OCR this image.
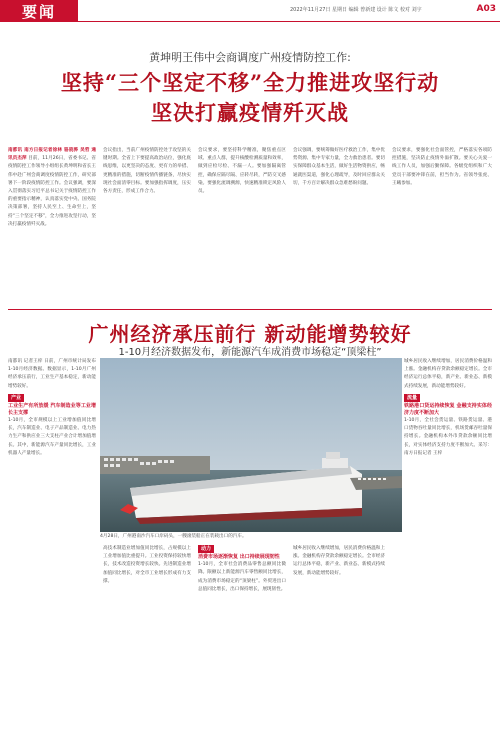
要闻	2022年11月27日 星期日 编辑 曾新建 设计 陈文 校对 刘宇	A03
黄坤明王伟中会商调度广州疫情防控工作:
坚持“三个坚定不移”全力推进攻坚行动
坚决打赢疫情歼灭战
南都讯 南方日报记者徐林 骆骁骅 吴哲 通讯员杰萍 目前，11月26日，省委书记、省疫情防控工作领导小组组长黄坤明和省长王伟中赴广州会商调度疫情防控工作，研究部署下一阶段疫情防控工作。会议强调，要深入贯彻落实习近平总书记关于疫情防控工作的重要指示精神，认真落实党中央、国务院决策部署，坚持人民至上、生命至上，坚持“三个坚定不移”，全力推进攻坚行动，坚决打赢疫情歼灭战。
会议指出，当前广州疫情防控处于攻坚的关键时期。全省上下要提高政治站位，强化底线思维，以更坚决的态度、更有力的举措、更精准的措施，切断疫情传播链条，尽快实现社会面清零目标。要加强指挥调度，压实各方责任，形成工作合力。
会议要求，要坚持科学精准，聚焦重点区域、重点人群，提升核酸检测质量和效率，做到应检尽检、不漏一人。要加强隔离管控，确保应隔尽隔、应转尽转，严防交叉感染。要强化流调溯源，快速精准锁定风险人员。
会议强调，要统筹做好医疗救治工作，集中优势资源、集中专家力量，全力救治患者。要切实保障群众基本生活，做好生活物资供应，畅通就医渠道，强化心理疏导，及时回应群众关切，千方百计解决群众急难愁盼问题。
会议要求，要强化社会面管控，严格落实各项防控措施，坚决防止疫情外溢扩散。要关心关爱一线工作人员，加强后勤保障。各级党组织和广大党员干部要冲锋在前，担当作为。省领导张虎、王曦参加。
广州经济承压前行 新动能增势较好
1-10月经济数据发布，新能源汽车成消费市场稳定“顶梁柱”
南都讯 记者王梓 日前，广州市统计局发布1-10月经济数据。数据显示，1-10月广州经济承压前行，工业生产基本稳定，新动能增势较好。
产业
工业生产有所放缓 汽车制造业等工业增长主支撑
1-10月，全市规模以上工业增加值同比增长，汽车制造业、电子产品制造业、电力热力生产和供应业三大支柱产业合计增加值增长。其中，新能源汽车产量同比增长，工业机器人产量增长。
4月28日，广州港南沙汽车口岸码头，一艘滚装船正在装载出口的汽车。
高技术制造业增加值同比增长，占规模以上工业增加值比重提升。工业投资保持较快增长，技术改造投资增长较快。先进制造业增加值同比增长，对全市工业增长形成有力支撑。
动力
消费市场逐渐恢复 出口持续展现韧性
1-10月，全市社会消费品零售总额同比微降。限额以上新能源汽车零售额同比增长，成为消费市场稳定的“顶梁柱”。外贸进出口总值同比增长，出口保持增长，展现韧性。
城乡居民收入继续增加，居民消费价格温和上涨。金融机构存贷款余额稳定增长。全市经济运行总体平稳，新产业、新业态、新模式持续发展，新动能增势较好。
城乡居民收入继续增加，居民消费价格温和上涨。金融机构存贷款余额稳定增长。全市经济运行总体平稳，新产业、新业态、新模式持续发展，新动能增势较好。
流量
铁路港口货运持续恢复 金融支持实体经济力度不断加大
1-10月，全社会货运量、铁路货运量、港口货物吞吐量同比增长，机场货邮吞吐量保持增长。金融机构本外币贷款余额同比增长，对实体经济支持力度不断加大。采写：南方日报记者 王梓
